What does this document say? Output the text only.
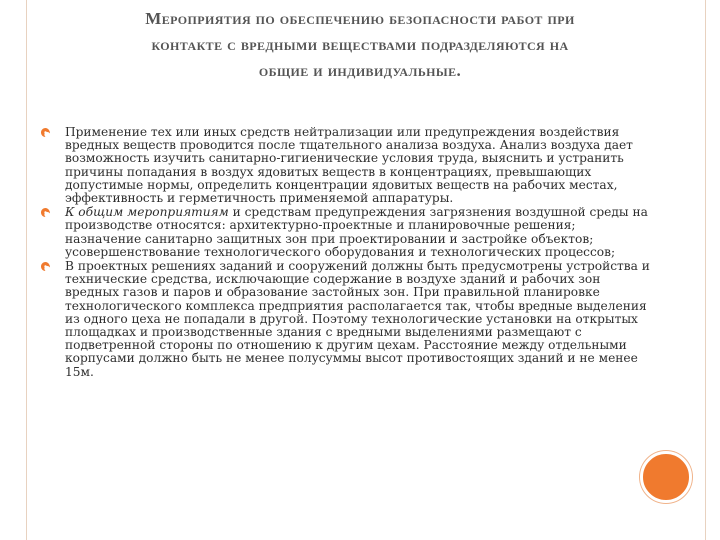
Мероприятия по обеспечению безопасности работ при
контакте с вредными веществами подразделяются на
общие и индивидуальные.
Применение тех или иных средств нейтрализации или предупреждения воздействия вредных веществ проводится после тщательного анализа воздуха. Анализ воздуха дает возможность изучить санитарно-гигиенические условия труда, выяснить и устранить причины попадания в воздух ядовитых веществ в концентрациях, превышающих допустимые нормы, определить концентрации ядовитых веществ на рабочих местах, эффективность и герметичность применяемой аппаратуры.
К общим мероприятиям и средствам предупреждения загрязнения воздушной среды на производстве относятся: архитектурно-проектные и планировочные решения; назначение санитарно защитных зон при проектировании и застройке объектов; усовершенствование технологического оборудования и технологических процессов;
В проектных решениях заданий и сооружений должны быть предусмотрены устройства и технические средства, исключающие содержание в воздухе зданий и рабочих зон вредных газов и паров и образование застойных зон. При правильной планировке технологического комплекса предприятия располагается так, чтобы вредные выделения из одного цеха не попадали в другой. Поэтому технологические установки на открытых площадках и производственные здания с вредными выделениями размещают с подветренной стороны по отношению к другим цехам. Расстояние между отдельными корпусами должно быть не менее полусуммы высот противостоящих зданий и не менее 15м.
